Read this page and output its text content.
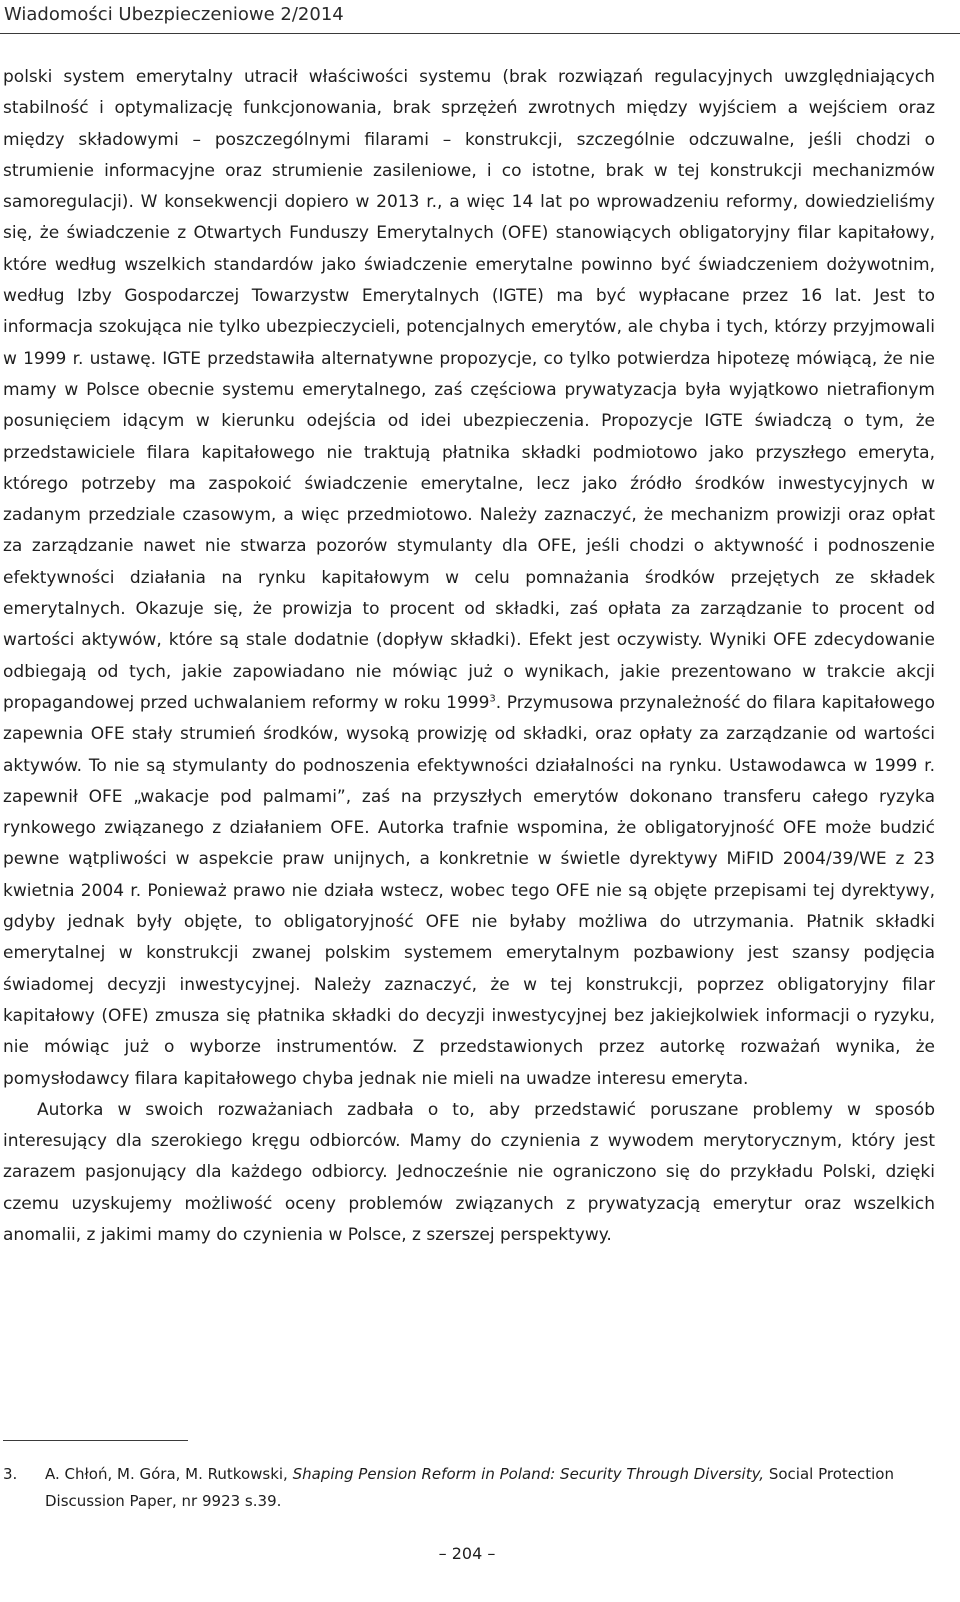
Wiadomości Ubezpieczeniowe 2/2014

polski system emerytalny utracił właściwości systemu (brak rozwiązań regulacyjnych uwzględniających stabilność i optymalizację funkcjonowania, brak sprzężeń zwrotnych między wyjściem a wejściem oraz między składowymi – poszczególnymi filarami – konstrukcji, szczególnie odczuwalne, jeśli chodzi o strumienie informacyjne oraz strumienie zasileniowe, i co istotne, brak w tej konstrukcji mechanizmów samoregulacji). W konsekwencji dopiero w 2013 r., a więc 14 lat po wprowadzeniu reformy, dowiedzieliśmy się, że świadczenie z Otwartych Funduszy Emerytalnych (OFE) stanowiących obligatoryjny filar kapitałowy, które według wszelkich standardów jako świadczenie emerytalne powinno być świadczeniem dożywotnim, według Izby Gospodarczej Towarzystw Emerytalnych (IGTE) ma być wypłacane przez 16 lat. Jest to informacja szokująca nie tylko ubezpieczycieli, potencjalnych emerytów, ale chyba i tych, którzy przyjmowali w 1999 r. ustawę. IGTE przedstawiła alternatywne propozycje, co tylko potwierdza hipotezę mówiącą, że nie mamy w Polsce obecnie systemu emerytalnego, zaś częściowa prywatyzacja była wyjątkowo nietrafionym posunięciem idącym w kierunku odejścia od idei ubezpieczenia. Propozycje IGTE świadczą o tym, że przedstawiciele filara kapitałowego nie traktują płatnika składki podmiotowo jako przyszłego emeryta, którego potrzeby ma zaspokoić świadczenie emerytalne, lecz jako źródło środków inwestycyjnych w zadanym przedziale czasowym, a więc przedmiotowo. Należy zaznaczyć, że mechanizm prowizji oraz opłat za zarządzanie nawet nie stwarza pozorów stymulanty dla OFE, jeśli chodzi o aktywność i podnoszenie efektywności działania na rynku kapitałowym w celu pomnażania środków przejętych ze składek emerytalnych. Okazuje się, że prowizja to procent od składki, zaś opłata za zarządzanie to procent od wartości aktywów, które są stale dodatnie (dopływ składki). Efekt jest oczywisty. Wyniki OFE zdecydowanie odbiegają od tych, jakie zapowiadano nie mówiąc już o wynikach, jakie prezentowano w trakcie akcji propagandowej przed uchwalaniem reformy w roku 1999$^3$. Przymusowa przynależność do filara kapitałowego zapewnia OFE stały strumień środków, wysoką prowizję od składki, oraz opłaty za zarządzanie od wartości aktywów. To nie są stymulanty do podnoszenia efektywności działalności na rynku. Ustawodawca w 1999 r. zapewnił OFE „wakacje pod palmami”, zaś na przyszłych emerytów dokonano transferu całego ryzyka rynkowego związanego z działaniem OFE. Autorka trafnie wspomina, że obligatoryjność OFE może budzić pewne wątpliwości w aspekcie praw unijnych, a konkretnie w świetle dyrektywy MiFID 2004/39/WE z 23 kwietnia 2004 r. Ponieważ prawo nie działa wstecz, wobec tego OFE nie są objęte przepisami tej dyrektywy, gdyby jednak były objęte, to obligatoryjność OFE nie byłaby możliwa do utrzymania. Płatnik składki emerytalnej w konstrukcji zwanej polskim systemem emerytalnym pozbawiony jest szansy podjęcia świadomej decyzji inwestycyjnej. Należy zaznaczyć, że w tej konstrukcji, poprzez obligatoryjny filar kapitałowy (OFE) zmusza się płatnika składki do decyzji inwestycyjnej bez jakiejkolwiek informacji o ryzyku, nie mówiąc już o wyborze instrumentów. Z przedstawionych przez autorkę rozważań wynika, że pomysłodawcy filara kapitałowego chyba jednak nie mieli na uwadze interesu emeryta.

Autorka w swoich rozważaniach zadbała o to, aby przedstawić poruszane problemy w sposób interesujący dla szerokiego kręgu odbiorców. Mamy do czynienia z wywodem merytorycznym, który jest zarazem pasjonujący dla każdego odbiorcy. Jednocześnie nie ograniczono się do przykładu Polski, dzięki czemu uzyskujemy możliwość oceny problemów związanych z prywatyzacją emerytur oraz wszelkich anomalii, z jakimi mamy do czynienia w Polsce, z szerszej perspektywy.

3.	A. Chłoń, M. Góra, M. Rutkowski, Shaping Pension Reform in Poland: Security Through Diversity, Social Protection Discussion Paper, nr 9923 s.39.
– 204 –
